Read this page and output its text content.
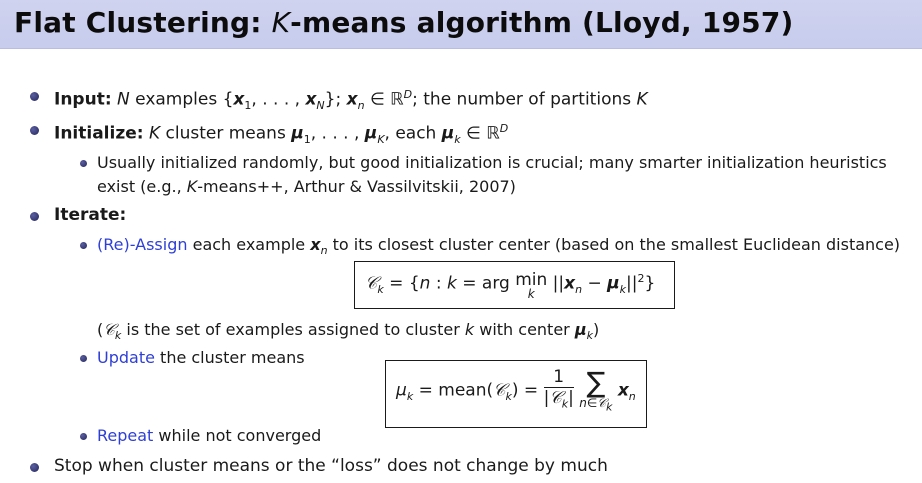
Flat Clustering: K-means algorithm (Lloyd, 1957)
Input: N examples {$x_1$, . . . , $x_N$}; $x_n$ ∈ ℝ$^D$; the number of partitions K
Initialize: K cluster means $\mu_1$, . . . , $\mu_K$, each $\mu_k$ ∈ ℝ$^D$
Usually initialized randomly, but good initialization is crucial; many smarter initialization heuristics
exist (e.g., K-means++, Arthur & Vassilvitskii, 2007)
Iterate:
(Re)-Assign each example $x_n$ to its closest cluster center (based on the smallest Euclidean distance)
𝒞$_k$ = {n : k = arg min
k
$||x_n - \mu_k||^2$}
(𝒞$_k$ is the set of examples assigned to cluster k with center $\mu_k$)
Update the cluster means
$\mu_k$ = mean(𝒞$_k$) = $\frac{1}{|𝒞_k|}$
∑
n∈𝒞$_k$
$x_n$
Repeat while not converged
Stop when cluster means or the “loss” does not change by much
